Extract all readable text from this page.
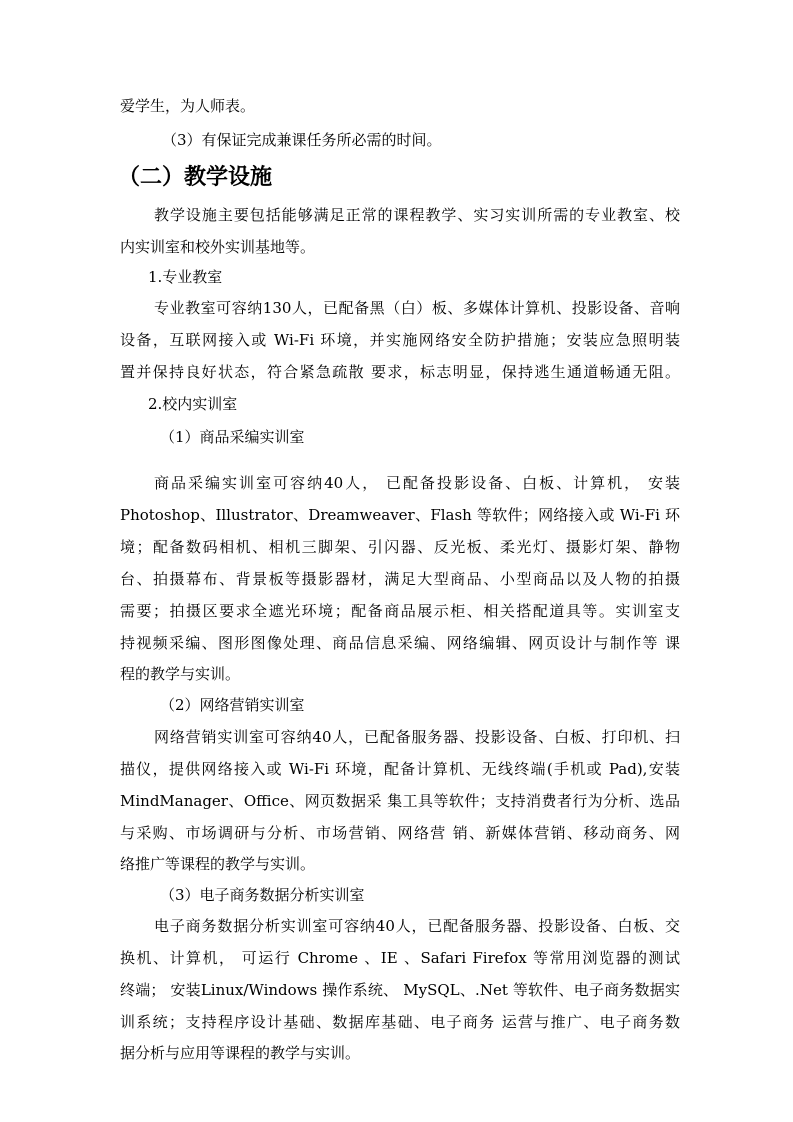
爱学生，为人师表。
（3）有保证完成兼课任务所必需的时间。
（二）教学设施
教学设施主要包括能够满足正常的课程教学、实习实训所需的专业教室、校
内实训室和校外实训基地等。
1.专业教室
专业教室可容纳130人，已配备黑（白）板、多媒体计算机、投影设备、音响
设备，互联网接入或 Wi-Fi 环境，并实施网络安全防护措施；安装应急照明装
置并保持良好状态，符合紧急疏散 要求，标志明显，保持逃生通道畅通无阻。
2.校内实训室
（1）商品采编实训室
商品采编实训室可容纳40人， 已配备投影设备、白板、计算机， 安装
Photoshop、Illustrator、Dreamweaver、Flash 等软件；网络接入或 Wi-Fi 环
境；配备数码相机、相机三脚架、引闪器、反光板、柔光灯、摄影灯架、静物
台、拍摄幕布、背景板等摄影器材，满足大型商品、小型商品以及人物的拍摄
需要；拍摄区要求全遮光环境；配备商品展示柜、相关搭配道具等。实训室支
持视频采编、图形图像处理、商品信息采编、网络编辑、网页设计与制作等 课
程的教学与实训。
（2）网络营销实训室
网络营销实训室可容纳40人，已配备服务器、投影设备、白板、打印机、扫
描仪，提供网络接入或 Wi-Fi 环境，配备计算机、无线终端(手机或 Pad),安装
MindManager、Office、网页数据采 集工具等软件；支持消费者行为分析、选品
与采购、市场调研与分析、市场营销、网络营 销、新媒体营销、移动商务、网
络推广等课程的教学与实训。
（3）电子商务数据分析实训室
电子商务数据分析实训室可容纳40人，已配备服务器、投影设备、白板、交
换机、计算机， 可运行 Chrome 、IE 、Safari Firefox 等常用浏览器的测试
终端； 安装Linux/Windows 操作系统、 MySQL、.Net 等软件、电子商务数据实
训系统；支持程序设计基础、数据库基础、电子商务 运营与推广、电子商务数
据分析与应用等课程的教学与实训。
